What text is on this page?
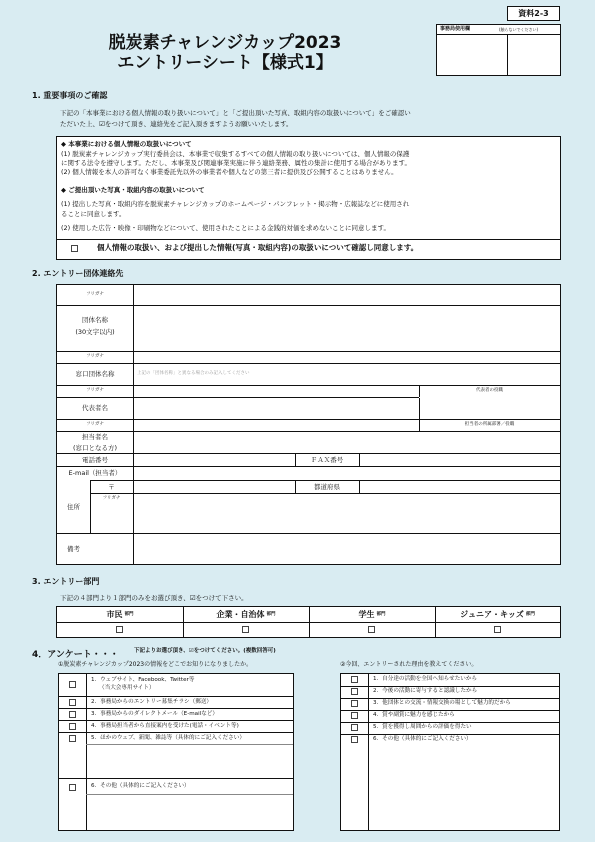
資料2-3
事務局使用欄	(触らないでください)
脱炭素チャレンジカップ2023
エントリーシート【様式1】
1. 重要事項のご確認
下記の「本事業における個人情報の取り扱いについて」と「ご提出頂いた写真、取組内容の取扱いについて」をご確認い
ただいた上、☑をつけて頂き、連絡先をご記入頂きますようお願いいたします。
◆ 本事業における個人情報の取扱いについて
(1) 脱炭素チャレンジカップ実行委員会は、本事業で収集するすべての個人情報の取り扱いについては、個人情報の保護
に関する法令を遵守します。ただし、本事業及び関連事業実施に伴う連絡業務、属性の集計に使用する場合があります。
(2) 個人情報を本人の許可なく事業委託先以外の事業者や個人などの第三者に提供及び公開することはありません。
◆ ご提出頂いた写真・取組内容の取扱いについて
(1) 提出した写真・取組内容を脱炭素チャレンジカップのホームページ・パンフレット・掲示物・広報誌などに使用され
ることに同意します。
(2) 使用した広告・映像・印刷物などについて、使用されたことによる金銭的対価を求めないことに同意します。
個人情報の取扱い、および提出した情報(写真・取組内容)の取扱いについて確認し同意します。
2. エントリー団体連絡先
フリガナ
団体名称
(30文字以内)
フリガナ
窓口団体名称	上記の「団体名称」と異なる場合のみ記入してください
フリガナ	代表者の役職
代表者名
フリガナ	担当者の所属部署／役職
担当者名
(窓口となる方)
電話番号	ＦＡＸ番号
E-mail（担当者）
〒	都道府県
フリガナ
住所
備考
3. エントリー部門
下記の４部門より１部門のみをお選び頂き、☑をつけて下さい。
市民 部門	企業・自治体 部門	学生 部門	ジュニア・キッズ 部門
4．アンケート・・・	下記よりお選び頂き、☑をつけてください。(複数回答可)
①脱炭素チャレンジカップ2023の情報をどこでお知りになりましたか。	②今回、エントリーされた理由を教えてください。
1．ウェブサイト、Facebook、Twitter等
（当大会専用サイト）
2．事務局からのエントリー募集チラシ（郵送）
3．事務局からのダイレクトメール（E-mailなど）
4．事務局担当者から直接案内を受けた(電話・イベント等)
5．ほかのウェブ、新聞、雑誌等（具体的にご記入ください）
6．その他（具体的にご記入ください）
1．自分達の活動を全国へ知らせたいから
2．今後の活動に寄与すると認識したから
3．他団体との交流・情報交換の場として魅力的だから
4．賞や副賞に魅力を感じたから
5．賞を獲得し周囲からの評価を得たい
6．その他（具体的にご記入ください）
